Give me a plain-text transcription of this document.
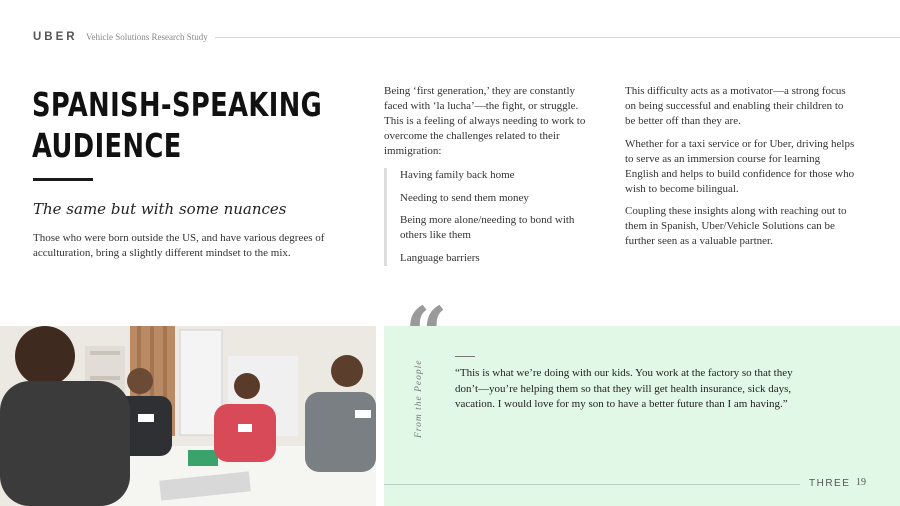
UBER Vehicle Solutions Research Study
SPANISH-SPEAKING
AUDIENCE
The same but with some nuances
Those who were born outside the US, and have various degrees of acculturation, bring a slightly different mindset to the mix.
Being ‘first generation,’ they are constantly faced with ‘la lucha’—the fight, or struggle. This is a feeling of always needing to work to overcome the challenges related to their immigration:
Having family back home
Needing to send them money
Being more alone/needing to bond with others like them
Language barriers

This difficulty acts as a motivator—a strong focus on being successful and enabling their children to be better off than they are.

Whether for a taxi service or for Uber, driving helps to serve as an immersion course for learning English and helps to build confidence for those who wish to become bilingual.

Coupling these insights along with reaching out to them in Spanish, Uber/Vehicle Solutions can be further seen as a valuable partner.

“
From the People	“This is what we’re doing with our kids. You work at the factory so that they don’t—you’re helping them so that they will get health insurance, sick days, vacation. I would love for my son to have a better future than I am having.”
THREE 19
